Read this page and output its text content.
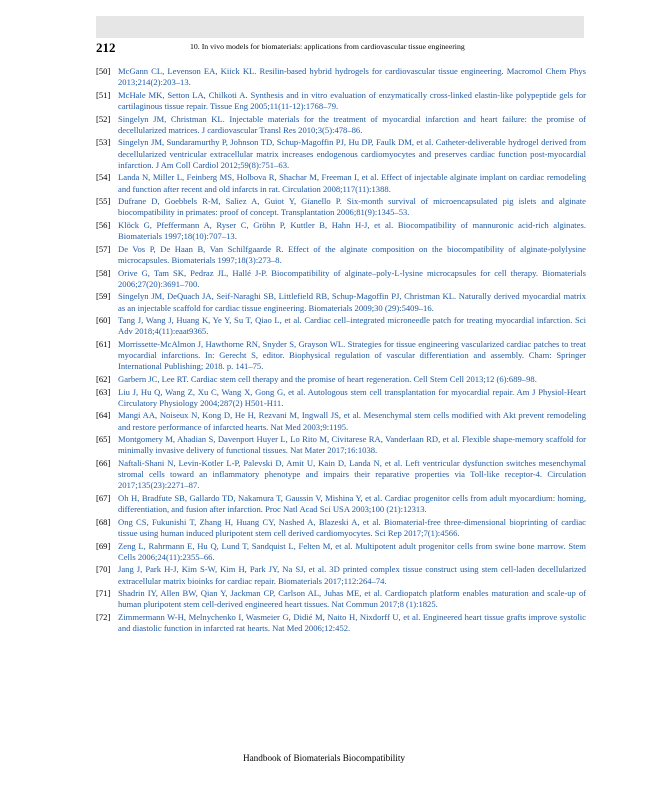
212	10. In vivo models for biomaterials: applications from cardiovascular tissue engineering
[50] McGann CL, Levenson EA, Kiick KL. Resilin-based hybrid hydrogels for cardiovascular tissue engineering. Macromol Chem Phys 2013;214(2):203–13.
[51] McHale MK, Setton LA, Chilkoti A. Synthesis and in vitro evaluation of enzymatically cross-linked elastin-like polypeptide gels for cartilaginous tissue repair. Tissue Eng 2005;11(11-12):1768–79.
[52] Singelyn JM, Christman KL. Injectable materials for the treatment of myocardial infarction and heart failure: the promise of decellularized matrices. J cardiovascular Transl Res 2010;3(5):478–86.
[53] Singelyn JM, Sundaramurthy P, Johnson TD, Schup-Magoffin PJ, Hu DP, Faulk DM, et al. Catheter-deliverable hydrogel derived from decellularized ventricular extracellular matrix increases endogenous cardiomyocytes and preserves cardiac function post-myocardial infarction. J Am Coll Cardiol 2012;59(8):751–63.
[54] Landa N, Miller L, Feinberg MS, Holbova R, Shachar M, Freeman I, et al. Effect of injectable alginate implant on cardiac remodeling and function after recent and old infarcts in rat. Circulation 2008;117(11):1388.
[55] Dufrane D, Goebbels R-M, Saliez A, Guiot Y, Gianello P. Six-month survival of microencapsulated pig islets and alginate biocompatibility in primates: proof of concept. Transplantation 2006;81(9):1345–53.
[56] Klöck G, Pfeffermann A, Ryser C, Gröhn P, Kuttler B, Hahn H-J, et al. Biocompatibility of mannuronic acid-rich alginates. Biomaterials 1997;18(10):707–13.
[57] De Vos P, De Haan B, Van Schilfgaarde R. Effect of the alginate composition on the biocompatibility of alginate-polylysine microcapsules. Biomaterials 1997;18(3):273–8.
[58] Orive G, Tam SK, Pedraz JL, Hallé J-P. Biocompatibility of alginate–poly-L-lysine microcapsules for cell therapy. Biomaterials 2006;27(20):3691–700.
[59] Singelyn JM, DeQuach JA, Seif-Naraghi SB, Littlefield RB, Schup-Magoffin PJ, Christman KL. Naturally derived myocardial matrix as an injectable scaffold for cardiac tissue engineering. Biomaterials 2009;30 (29):5409–16.
[60] Tang J, Wang J, Huang K, Ye Y, Su T, Qiao L, et al. Cardiac cell–integrated microneedle patch for treating myocardial infarction. Sci Adv 2018;4(11):eaat9365.
[61] Morrissette-McAlmon J, Hawthorne RN, Snyder S, Grayson WL. Strategies for tissue engineering vascularized cardiac patches to treat myocardial infarctions. In: Gerecht S, editor. Biophysical regulation of vascular differentiation and assembly. Cham: Springer International Publishing; 2018. p. 141–75.
[62] Garbern JC, Lee RT. Cardiac stem cell therapy and the promise of heart regeneration. Cell Stem Cell 2013;12 (6):689–98.
[63] Liu J, Hu Q, Wang Z, Xu C, Wang X, Gong G, et al. Autologous stem cell transplantation for myocardial repair. Am J Physiol-Heart Circulatory Physiology 2004;287(2) H501-H11.
[64] Mangi AA, Noiseux N, Kong D, He H, Rezvani M, Ingwall JS, et al. Mesenchymal stem cells modified with Akt prevent remodeling and restore performance of infarcted hearts. Nat Med 2003;9:1195.
[65] Montgomery M, Ahadian S, Davenport Huyer L, Lo Rito M, Civitarese RA, Vanderlaan RD, et al. Flexible shape-memory scaffold for minimally invasive delivery of functional tissues. Nat Mater 2017;16:1038.
[66] Naftali-Shani N, Levin-Kotler L-P, Palevski D, Amit U, Kain D, Landa N, et al. Left ventricular dysfunction switches mesenchymal stromal cells toward an inflammatory phenotype and impairs their reparative properties via Toll-like receptor-4. Circulation 2017;135(23):2271–87.
[67] Oh H, Bradfute SB, Gallardo TD, Nakamura T, Gaussin V, Mishina Y, et al. Cardiac progenitor cells from adult myocardium: homing, differentiation, and fusion after infarction. Proc Natl Acad Sci USA 2003;100 (21):12313.
[68] Ong CS, Fukunishi T, Zhang H, Huang CY, Nashed A, Blazeski A, et al. Biomaterial-free three-dimensional bioprinting of cardiac tissue using human induced pluripotent stem cell derived cardiomyocytes. Sci Rep 2017;7(1):4566.
[69] Zeng L, Rahrmann E, Hu Q, Lund T, Sandquist L, Felten M, et al. Multipotent adult progenitor cells from swine bone marrow. Stem Cells 2006;24(11):2355–66.
[70] Jang J, Park H-J, Kim S-W, Kim H, Park JY, Na SJ, et al. 3D printed complex tissue construct using stem cell-laden decellularized extracellular matrix bioinks for cardiac repair. Biomaterials 2017;112:264–74.
[71] Shadrin IY, Allen BW, Qian Y, Jackman CP, Carlson AL, Juhas ME, et al. Cardiopatch platform enables maturation and scale-up of human pluripotent stem cell-derived engineered heart tissues. Nat Commun 2017;8 (1):1825.
[72] Zimmermann W-H, Melnychenko I, Wasmeier G, Didié M, Naito H, Nixdorff U, et al. Engineered heart tissue grafts improve systolic and diastolic function in infarcted rat hearts. Nat Med 2006;12:452.
Handbook of Biomaterials Biocompatibility
